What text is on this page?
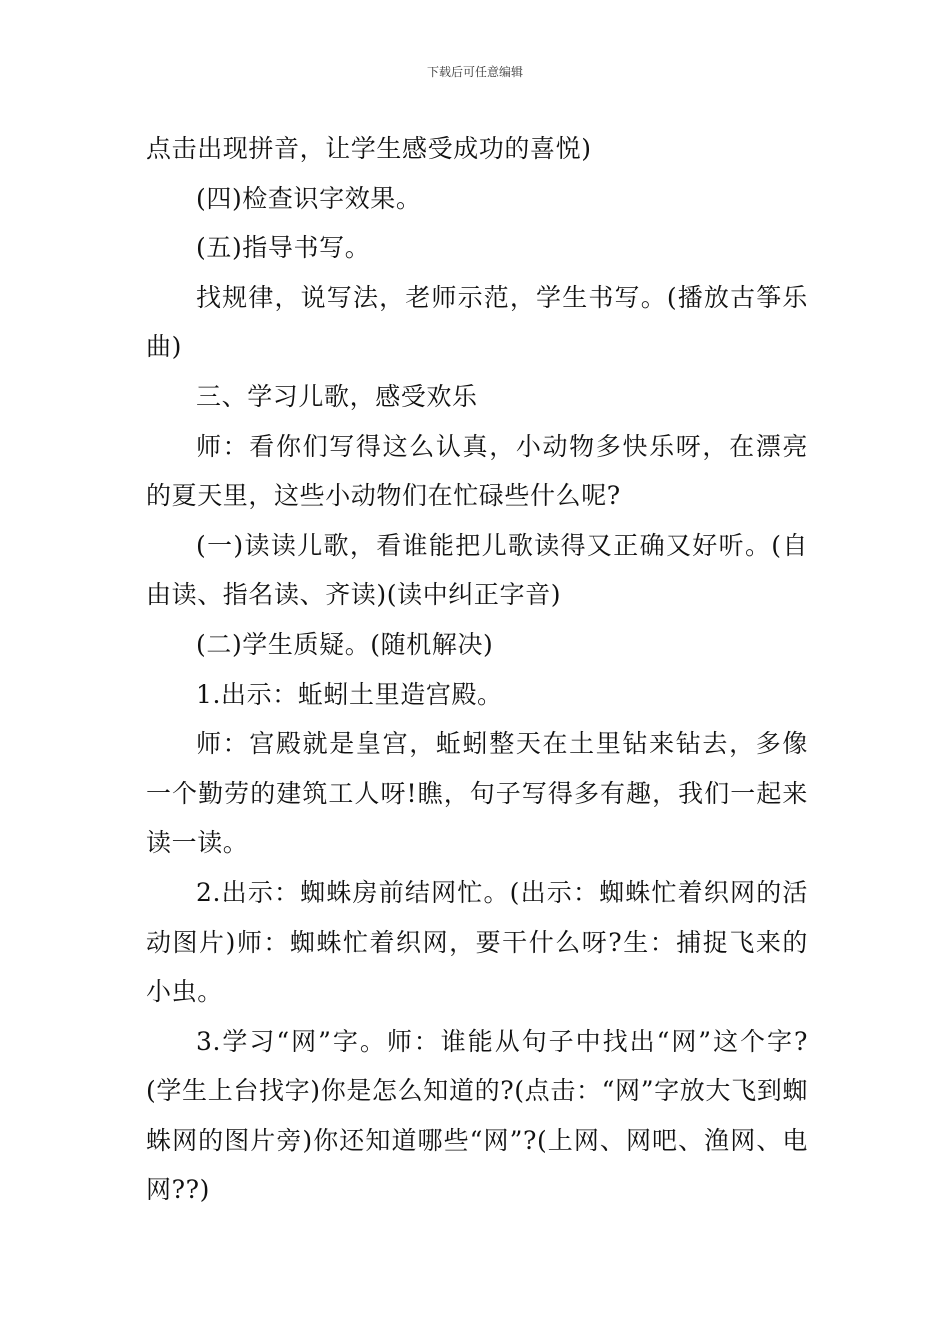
下载后可任意编辑

点击出现拼音，让学生感受成功的喜悦)

(四)检查识字效果。

(五)指导书写。

找规律，说写法，老师示范，学生书写。(播放古筝乐曲)

三、学习儿歌，感受欢乐

师：看你们写得这么认真，小动物多快乐呀，在漂亮的夏天里，这些小动物们在忙碌些什么呢?

(一)读读儿歌，看谁能把儿歌读得又正确又好听。(自由读、指名读、齐读)(读中纠正字音)

(二)学生质疑。(随机解决)

1.出示：蚯蚓土里造宫殿。

师：宫殿就是皇宫，蚯蚓整天在土里钻来钻去，多像一个勤劳的建筑工人呀!瞧，句子写得多有趣，我们一起来读一读。

2.出示：蜘蛛房前结网忙。(出示：蜘蛛忙着织网的活动图片)师：蜘蛛忙着织网，要干什么呀?生：捕捉飞来的小虫。

3.学习“网”字。师：谁能从句子中找出“网”这个字?(学生上台找字)你是怎么知道的?(点击：“网”字放大飞到蜘蛛网的图片旁)你还知道哪些“网”?(上网、网吧、渔网、电网??)
